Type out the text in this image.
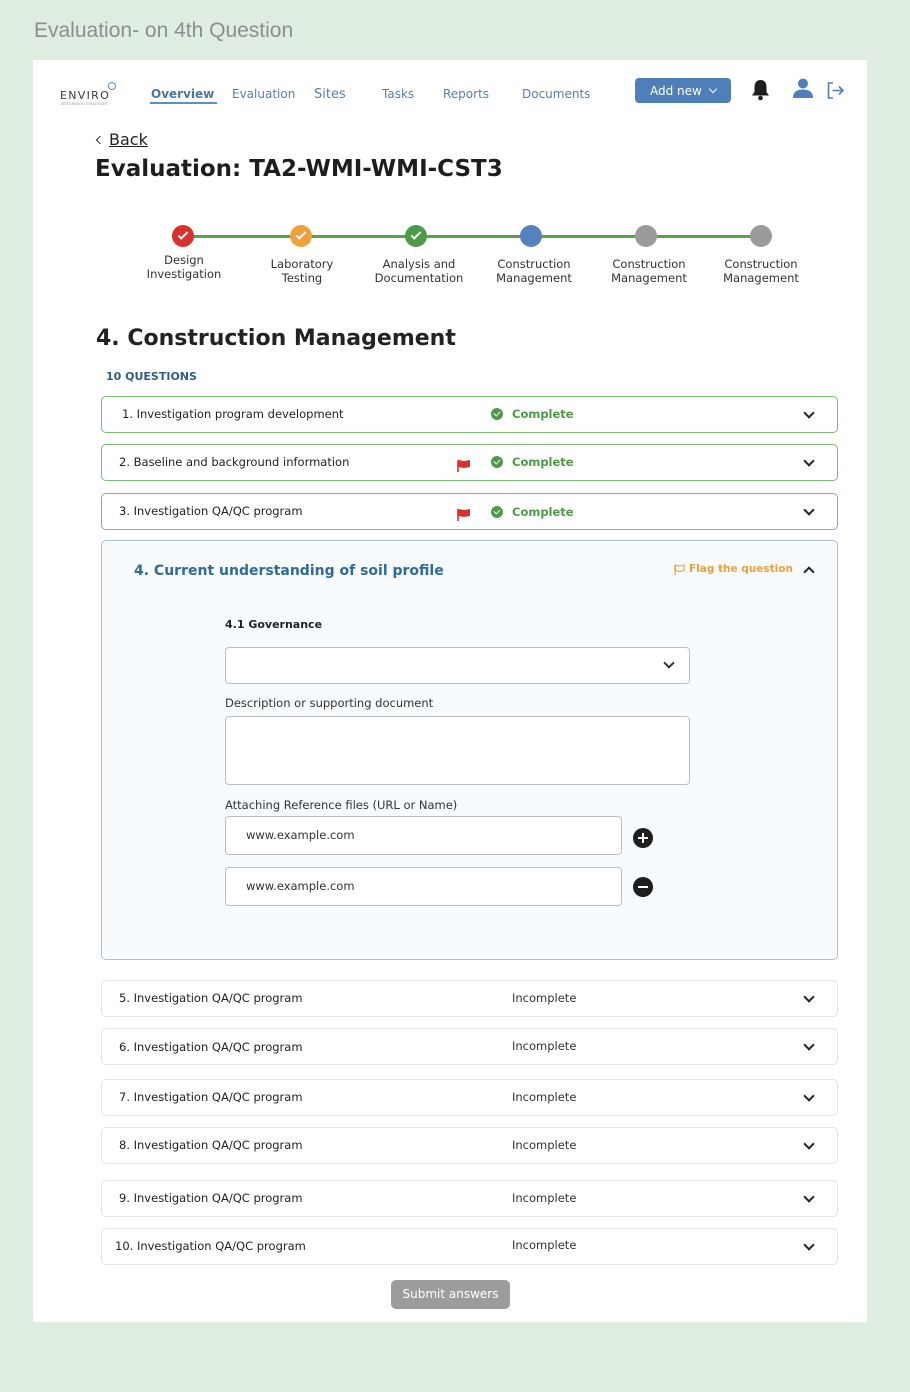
Evaluation- on 4th Question
ENVIRO
INTEGRATION STRATEGIES
Overview Evaluation Sites	Tasks Reports	Documents	Add new
Back
Evaluation: TA2-WMI-WMI-CST3
Design
Investigation
Laboratory
Testing
Analysis and
Documentation
Construction
Management
Construction
Management
Construction
Management
4. Construction Management
10 QUESTIONS
1. Investigation program development	Complete
2. Baseline and background information	Complete
3. Investigation QA/QC program	Complete
4. Current understanding of soil profile	Flag the question
4.1 Governance
Description or supporting document
Attaching Reference files (URL or Name)
www.example.com
www.example.com
5. Investigation QA/QC program	Incomplete
6. Investigation QA/QC program	Incomplete
7. Investigation QA/QC program	Incomplete
8. Investigation QA/QC program	Incomplete
9. Investigation QA/QC program	Incomplete
10. Investigation QA/QC program	Incomplete
Submit answers
